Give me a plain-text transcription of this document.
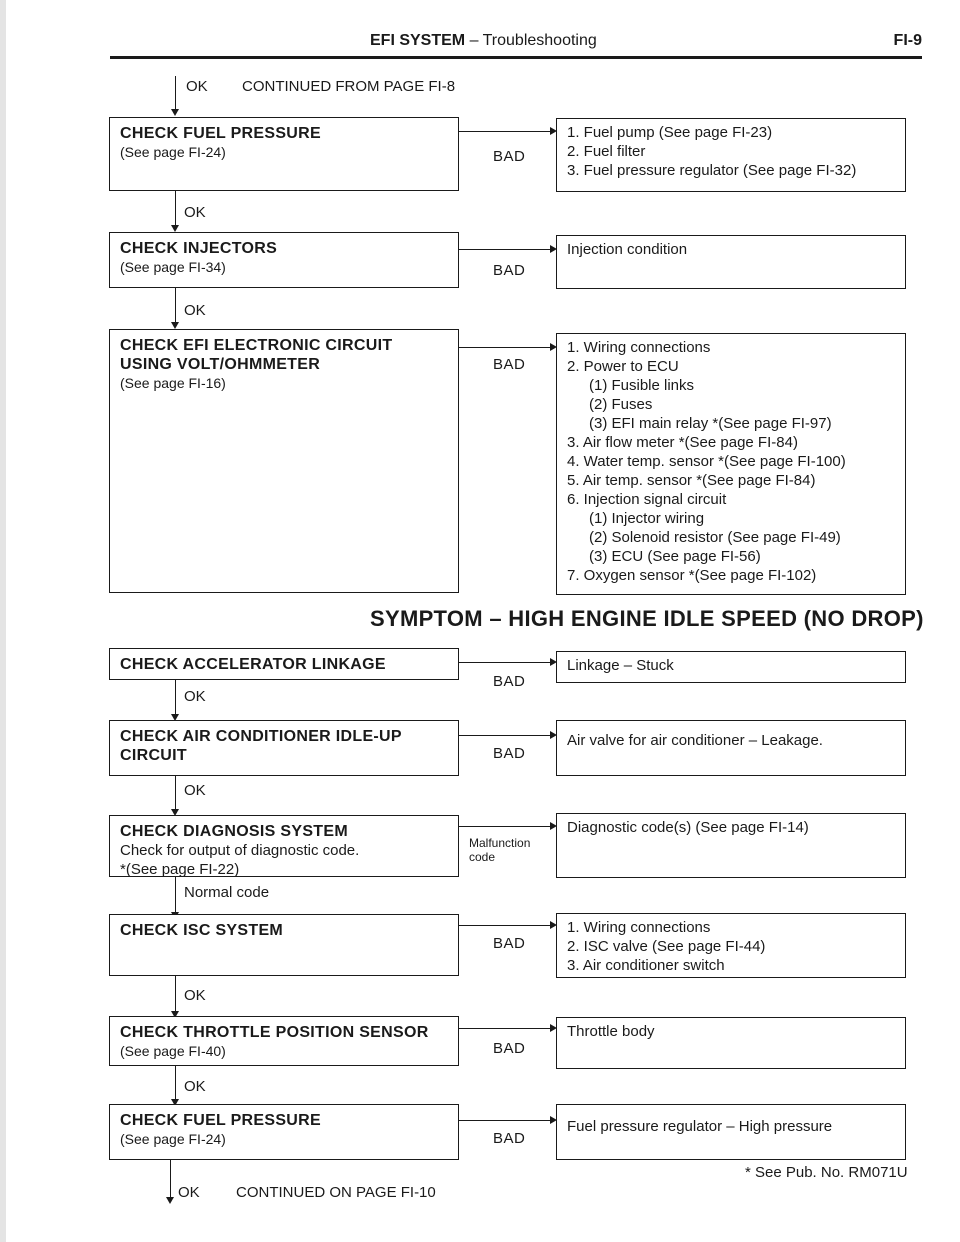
EFI SYSTEM – Troubleshooting	FI-9
OK CONTINUED FROM PAGE FI-8
CHECK FUEL PRESSURE
(See page FI-24)	BAD
1. Fuel pump (See page FI-23)
2. Fuel filter
3. Fuel pressure regulator (See page FI-32)
OK
CHECK INJECTORS
(See page FI-34)	BAD
Injection condition
OK
CHECK EFI ELECTRONIC CIRCUIT
USING VOLT/OHMMETER
(See page FI-16)
BAD
1. Wiring connections
2. Power to ECU
(1) Fusible links
(2) Fuses
(3) EFI main relay *(See page FI-97)
3. Air flow meter *(See page FI-84)
4. Water temp. sensor *(See page FI-100)
5. Air temp. sensor *(See page FI-84)
6. Injection signal circuit
(1) Injector wiring
(2) Solenoid resistor (See page FI-49)
(3) ECU (See page FI-56)
7. Oxygen sensor *(See page FI-102)
SYMPTOM – HIGH ENGINE IDLE SPEED (NO DROP)
CHECK ACCELERATOR LINKAGE
BAD
Linkage – Stuck
OK
CHECK AIR CONDITIONER IDLE-UP
CIRCUIT	BAD
Air valve for air conditioner – Leakage.
OK
CHECK DIAGNOSIS SYSTEM
Check for output of diagnostic code.
*(See page FI-22)
Malfunction
code
Diagnostic code(s) (See page FI-14)
Normal code
CHECK ISC SYSTEM
BAD
1. Wiring connections
2. ISC valve (See page FI-44)
3. Air conditioner switch
OK
CHECK THROTTLE POSITION SENSOR
(See page FI-40)	BAD
Throttle body
OK
CHECK FUEL PRESSURE
(See page FI-24)	BAD
Fuel pressure regulator – High pressure
OK CONTINUED ON PAGE FI-10
* See Pub. No. RM071U
